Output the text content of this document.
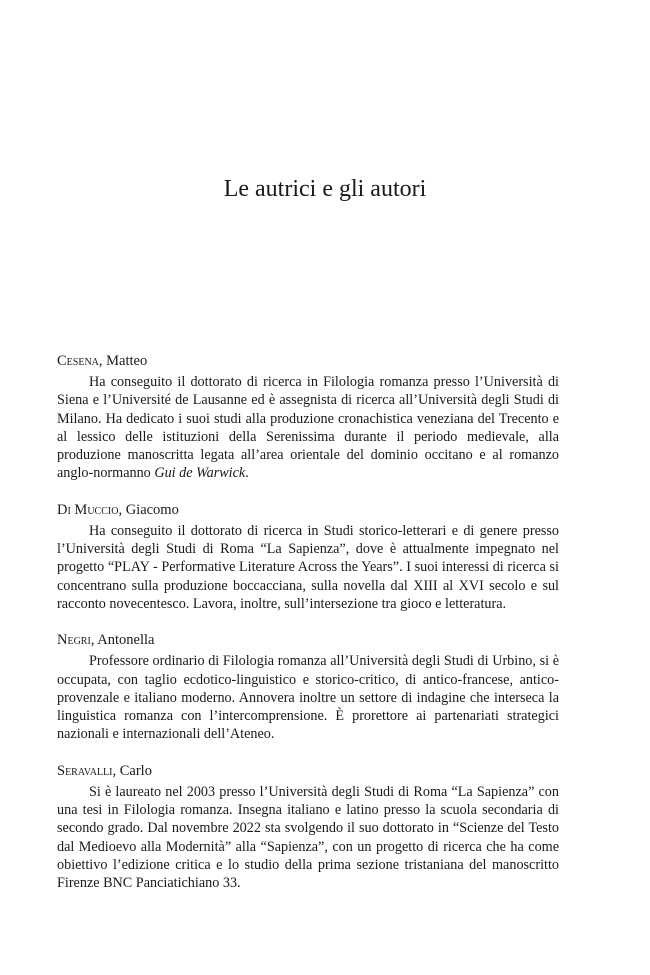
Le autrici e gli autori

Cesena, Matteo

Ha conseguito il dottorato di ricerca in Filologia romanza presso l’Università di Siena e l’Université de Lausanne ed è assegnista di ricerca all’Università degli Studi di Milano. Ha dedicato i suoi studi alla produzione cronachistica veneziana del Trecento e al lessico delle istituzioni della Serenissima durante il periodo medievale, alla produzione manoscritta legata all’area orientale del dominio occitano e al romanzo anglo-normanno Gui de Warwick.

Di Muccio, Giacomo

Ha conseguito il dottorato di ricerca in Studi storico-letterari e di genere presso l’Università degli Studi di Roma “La Sapienza”, dove è attualmente impegnato nel progetto “PLAY - Performative Literature Across the Years”. I suoi interessi di ricerca si concentrano sulla produzione boccacciana, sulla novella dal XIII al XVI secolo e sul racconto novecentesco. Lavora, inoltre, sull’intersezione tra gioco e letteratura.

Negri, Antonella

Professore ordinario di Filologia romanza all’Università degli Studi di Urbino, si è occupata, con taglio ecdotico-linguistico e storico-critico, di antico-francese, antico-provenzale e italiano moderno. Annovera inoltre un settore di indagine che interseca la linguistica romanza con l’intercomprensione. È prorettore ai partenariati strategici nazionali e internazionali dell’Ateneo.

Seravalli, Carlo

Si è laureato nel 2003 presso l’Università degli Studi di Roma “La Sapienza” con una tesi in Filologia romanza. Insegna italiano e latino presso la scuola secondaria di secondo grado. Dal novembre 2022 sta svolgendo il suo dottorato in “Scienze del Testo dal Medioevo alla Modernità” alla “Sapienza”, con un progetto di ricerca che ha come obiettivo l’edizione critica e lo studio della prima sezione tristaniana del manoscritto Firenze BNC Panciatichiano 33.
